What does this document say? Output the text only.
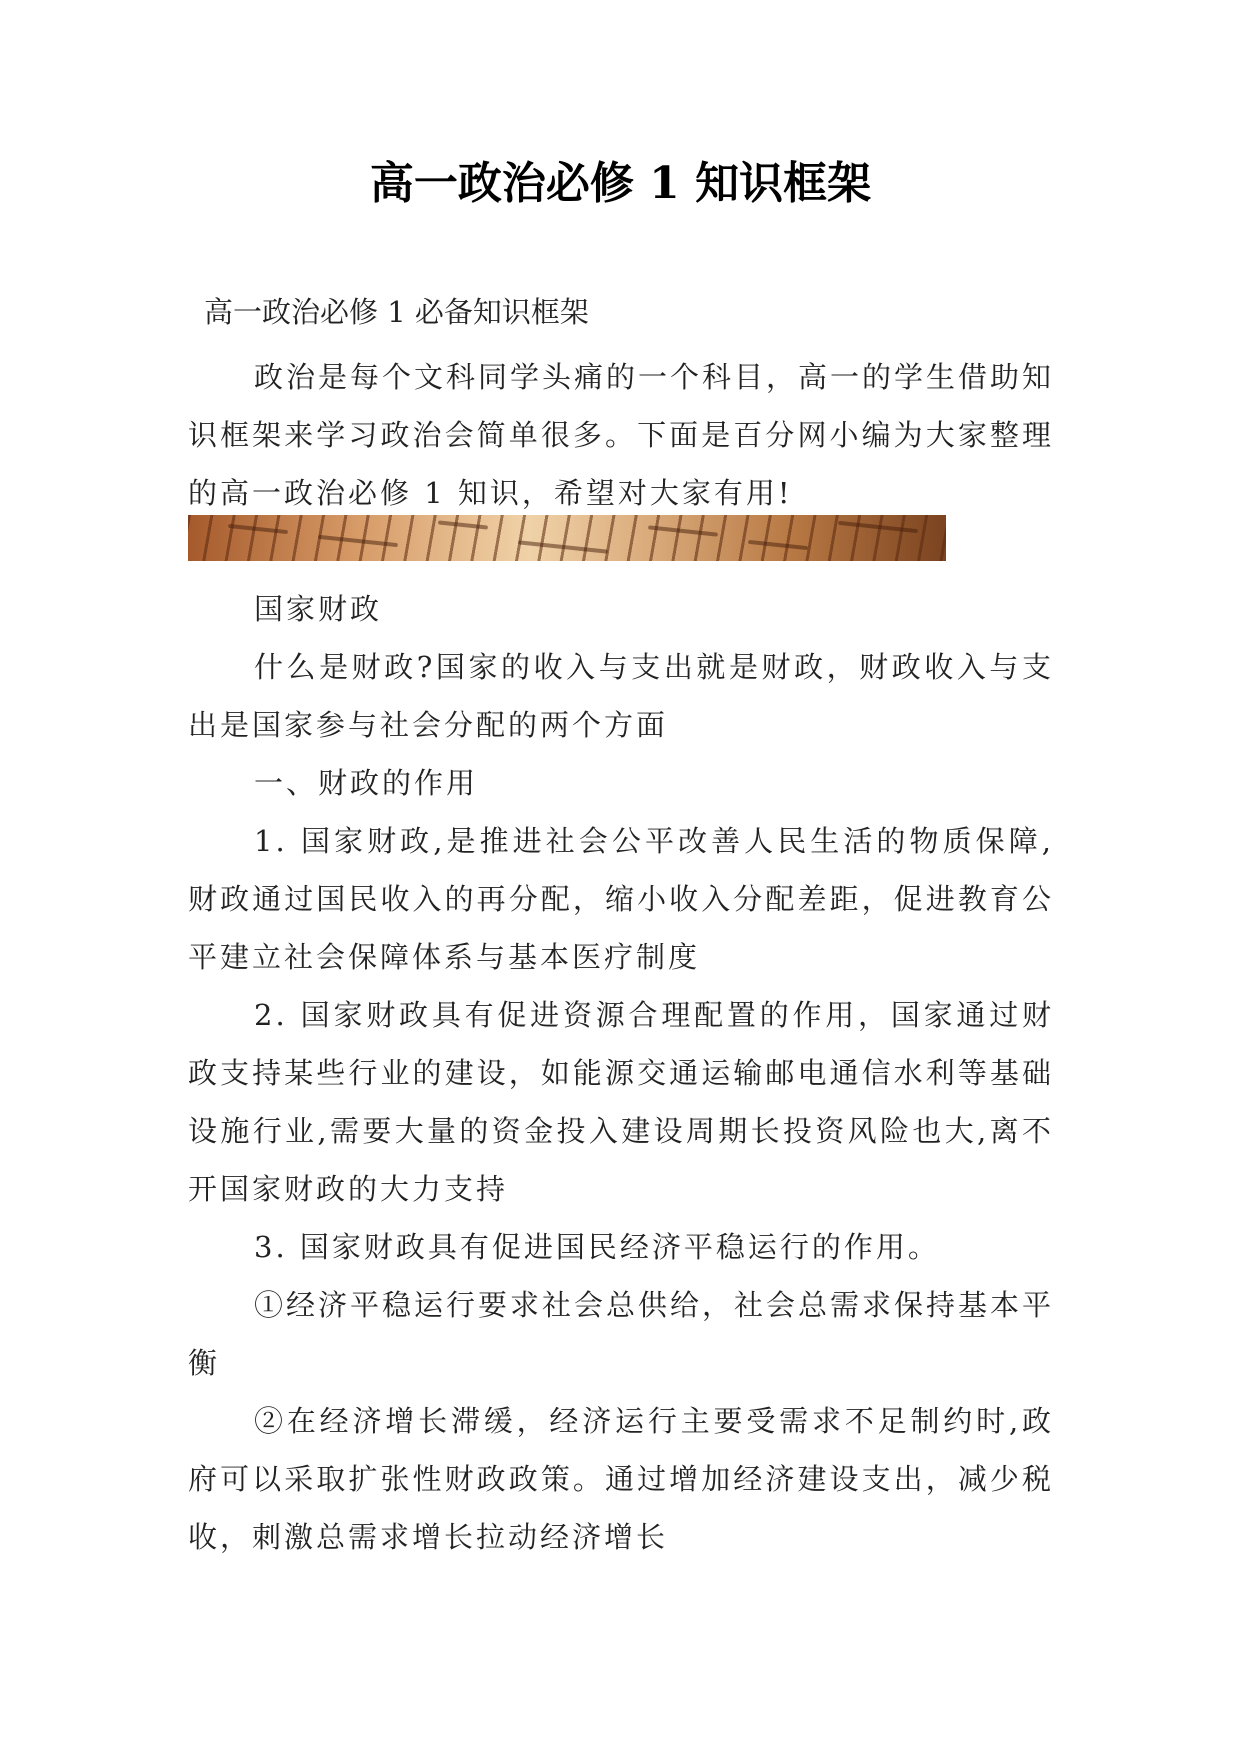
高一政治必修 1 知识框架

高一政治必修 1 必备知识框架

政治是每个文科同学头痛的一个科目，高一的学生借助知识框架来学习政治会简单很多。下面是百分网小编为大家整理的高一政治必修 1 知识，希望对大家有用!

国家财政

什么是财政?国家的收入与支出就是财政，财政收入与支出是国家参与社会分配的两个方面

一、财政的作用

1. 国家财政,是推进社会公平改善人民生活的物质保障,财政通过国民收入的再分配，缩小收入分配差距，促进教育公平建立社会保障体系与基本医疗制度

2. 国家财政具有促进资源合理配置的作用，国家通过财政支持某些行业的建设，如能源交通运输邮电通信水利等基础设施行业,需要大量的资金投入建设周期长投资风险也大,离不开国家财政的大力支持

3. 国家财政具有促进国民经济平稳运行的作用。

①经济平稳运行要求社会总供给，社会总需求保持基本平衡

②在经济增长滞缓，经济运行主要受需求不足制约时,政府可以采取扩张性财政政策。通过增加经济建设支出，减少税收，刺激总需求增长拉动经济增长
